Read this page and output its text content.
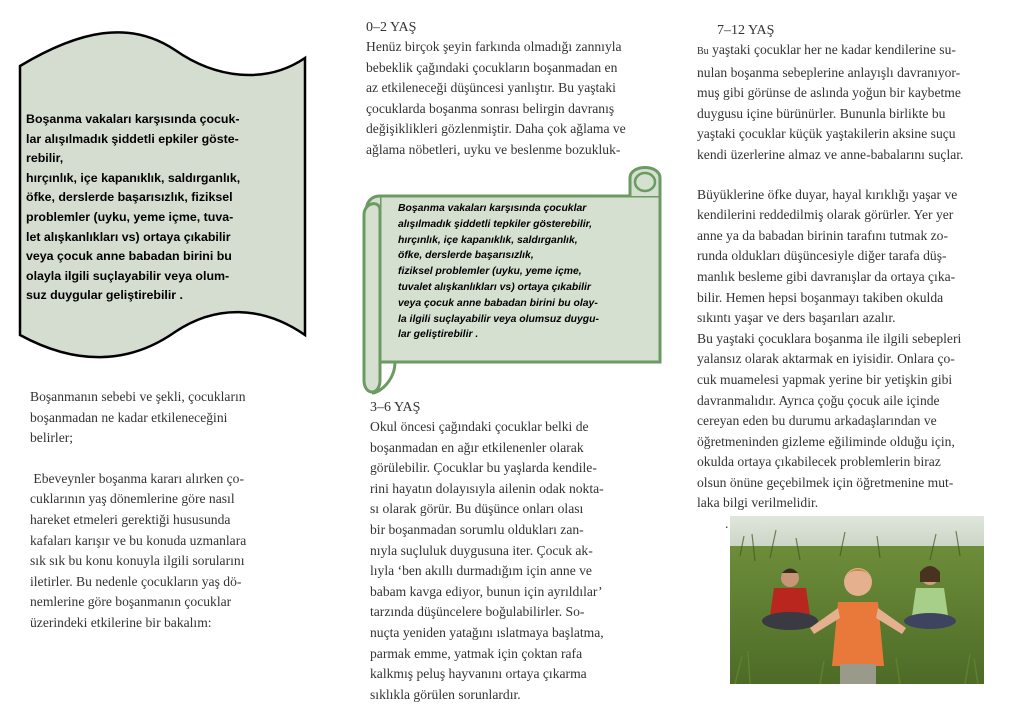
Boşanma vakaları karşısında çocuk-
lar alışılmadık şiddetli epkiler göste-
rebilir,
hırçınlık, içe kapanıklık, saldırganlık,
öfke, derslerde başarısızlık, fiziksel
problemler (uyku, yeme içme, tuva-
let alışkanlıkları vs) ortaya çıkabilir
veya çocuk anne babadan birini bu
olayla ilgili suçlayabilir veya olum-
suz duygular geliştirebilir .

Boşanmanın sebebi ve şekli, çocukların
boşanmadan ne kadar etkileneceğini
belirler;

Ebeveynler boşanma kararı alırken ço-
cuklarının yaş dönemlerine göre nasıl
hareket etmeleri gerektiği hususunda
kafaları karışır ve bu konuda uzmanlara
sık sık bu konu konuyla ilgili sorularını
iletirler. Bu nedenle çocukların yaş dö-
nemlerine göre boşanmanın çocuklar
üzerindeki etkilerine bir bakalım:

0–2 YAŞ
Henüz birçok şeyin farkında olmadığı zannıyla
bebeklik çağındaki çocukların boşanmadan en
az etkileneceği düşüncesi yanlıştır. Bu yaştaki
çocuklarda boşanma sonrası belirgin davranış
değişiklikleri gözlenmiştir. Daha çok ağlama ve
ağlama nöbetleri, uyku ve beslenme bozukluk-
Boşanma vakaları karşısında çocuklar
alışılmadık şiddetli tepkiler gösterebilir,
hırçınlık, içe kapanıklık, saldırganlık,
öfke, derslerde başarısızlık,
fiziksel problemler (uyku, yeme içme,
tuvalet alışkanlıkları vs) ortaya çıkabilir
veya çocuk anne babadan birini bu olay-
la ilgili suçlayabilir veya olumsuz duygu-
lar geliştirebilir .
3–6 YAŞ
Okul öncesi çağındaki çocuklar belki de
boşanmadan en ağır etkilenenler olarak
görülebilir. Çocuklar bu yaşlarda kendile-
rini hayatın dolayısıyla ailenin odak nokta-
sı olarak görür. Bu düşünce onları olası
bir boşanmadan sorumlu oldukları zan-
nıyla suçluluk duygusuna iter. Çocuk ak-
lıyla ‘ben akıllı durmadığım için anne ve
babam kavga ediyor, bunun için ayrıldılar’
tarzında düşüncelere boğulabilirler. So-
nuçta yeniden yatağını ıslatmaya başlatma,
parmak emme, yatmak için çoktan rafa
kalkmış peluş hayvanını ortaya çıkarma
sıklıkla görülen sorunlardır.
7–12 YAŞ
Bu yaştaki çocuklar her ne kadar kendilerine su-
nulan boşanma sebeplerine anlayışlı davranıyor-
muş gibi görünse de aslında yoğun bir kaybetme
duygusu içine bürünürler. Bununla birlikte bu
yaştaki çocuklar küçük yaştakilerin aksine suçu
kendi üzerlerine almaz ve anne-babalarını suçlar.
Büyüklerine öfke duyar, hayal kırıklığı yaşar ve
kendilerini reddedilmiş olarak görürler. Yer yer
anne ya da babadan birinin tarafını tutmak zo-
runda oldukları düşüncesiyle diğer tarafa düş-
manlık besleme gibi davranışlar da ortaya çıka-
bilir. Hemen hepsi boşanmayı takiben okulda
sıkıntı yaşar ve ders başarıları azalır.
Bu yaştaki çocuklara boşanma ile ilgili sebepleri
yalansız olarak aktarmak en iyisidir. Onlara ço-
cuk muamelesi yapmak yerine bir yetişkin gibi
davranmalıdır. Ayrıca çoğu çocuk aile içinde
cereyan eden bu durumu arkadaşlarından ve
öğretmeninden gizleme eğiliminde olduğu için,
okulda ortaya çıkabilecek problemlerin biraz
olsun önüne geçebilmek için öğretmenine mut-
laka bilgi verilmelidir.
.
